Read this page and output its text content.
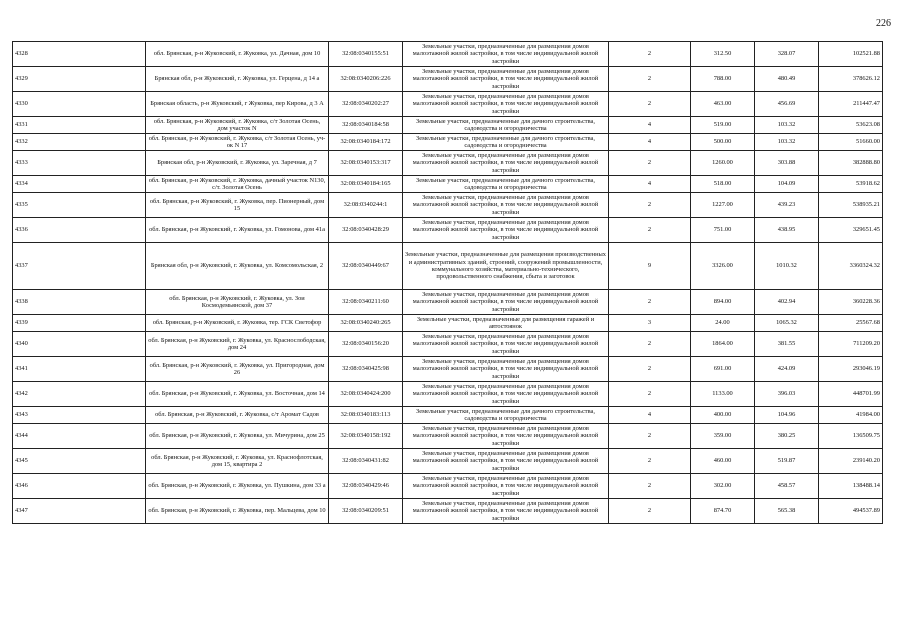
226
4328	обл. Брянская, р-н Жуковский, г. Жуковка, ул. Дачная, дом 10	32:08:0340155:51	Земельные участки, предназначенные для размещения домов малоэтажной жилой застройки, в том числе индивидуальной жилой застройки	2	312.50	328.07	102521.88
4329	Брянская обл, р-н Жуковский, г. Жуковка, ул. Герцена, д 14 а	32:08:0340206:226	Земельные участки, предназначенные для размещения домов малоэтажной жилой застройки, в том числе индивидуальной жилой застройки	2	788.00	480.49	378626.12
4330	Брянская область, р-н Жуковский, г Жуковка, пер Кирова, д 3 А	32:08:0340202:27	Земельные участки, предназначенные для размещения домов малоэтажной жилой застройки, в том числе индивидуальной жилой застройки	2	463.00	456.69	211447.47
4331	обл. Брянская, р-н Жуковский, г. Жуковка, с/т Золотая Осень, дом участок N	32:08:0340184:58	Земельные участки, предназначенные для дачного строительства, садоводства и огородничества	4	519.00	103.32	53623.08
4332	обл. Брянская, р-н Жуковский, г. Жуковка, с/т Золотая Осень, уч-ок N 17	32:08:0340184:172	Земельные участки, предназначенные для дачного строительства, садоводства и огородничества	4	500.00	103.32	51660.00
4333	Брянская обл, р-н Жуковский, г. Жуковка, ул. Заречная, д 7	32:08:0340153:317	Земельные участки, предназначенные для размещения домов малоэтажной жилой застройки, в том числе индивидуальной жилой застройки	2	1260.00	303.88	382888.80
4334	обл. Брянская, р-н Жуковский, г. Жуковка, дачный участок N130, с/т. Золотая Осень	32:08:0340184:165	Земельные участки, предназначенные для дачного строительства, садоводства и огородничества	4	518.00	104.09	53918.62
4335	обл. Брянская, р-н Жуковский, г. Жуковка, пер. Пионерный, дом 15	32:08:0340244:1	Земельные участки, предназначенные для размещения домов малоэтажной жилой застройки, в том числе индивидуальной жилой застройки	2	1227.00	439.23	538935.21
4336	обл. Брянская, р-н Жуковский, г. Жуковка, ул. Гомонова, дом 41а	32:08:0340428:29	Земельные участки, предназначенные для размещения домов малоэтажной жилой застройки, в том числе индивидуальной жилой застройки	2	751.00	438.95	329651.45
4337	Брянская обл, р-н Жуковский, г. Жуковка, ул. Комсомольская, 2	32:08:0340449:67	Земельные участки, предназначенные для размещения производственных и административных зданий, строений, сооружений промышленности, коммунального хозяйства, материально-технического, продовольственного снабжения, сбыта и заготовок	9	3326.00	1010.32	3360324.32
4338	обл. Брянская, р-н Жуковский, г. Жуковка, ул. Зои Космодемьянской, дом 37	32:08:0340211:60	Земельные участки, предназначенные для размещения домов малоэтажной жилой застройки, в том числе индивидуальной жилой застройки	2	894.00	402.94	360228.36
4339	обл. Брянская, р-н Жуковский, г. Жуковка, тер. ГСК Светофор	32:08:0340240:265	Земельные участки, предназначенные для размещения гаражей и автостоянок	3	24.00	1065.32	25567.68
4340	обл. Брянская, р-н Жуковский, г. Жуковка, ул. Краснослободская, дом 24	32:08:0340156:20	Земельные участки, предназначенные для размещения домов малоэтажной жилой застройки, в том числе индивидуальной жилой застройки	2	1864.00	381.55	711209.20
4341	обл. Брянская, р-н Жуковский, г. Жуковка, ул. Пригородная, дом 26	32:08:0340425:98	Земельные участки, предназначенные для размещения домов малоэтажной жилой застройки, в том числе индивидуальной жилой застройки	2	691.00	424.09	293046.19
4342	обл. Брянская, р-н Жуковский, г. Жуковка, ул. Восточная, дом 14	32:08:0340424:200	Земельные участки, предназначенные для размещения домов малоэтажной жилой застройки, в том числе индивидуальной жилой застройки	2	1133.00	396.03	448701.99
4343	обл. Брянская, р-н Жуковский, г. Жуковка, с/т Аромат Садов	32:08:0340183:113	Земельные участки, предназначенные для дачного строительства, садоводства и огородничества	4	400.00	104.96	41984.00
4344	обл. Брянская, р-н Жуковский, г. Жуковка, ул. Мичурина, дом 25	32:08:0340158:192	Земельные участки, предназначенные для размещения домов малоэтажной жилой застройки, в том числе индивидуальной жилой застройки	2	359.00	380.25	136509.75
4345	обл. Брянская, р-н Жуковский, г. Жуковка, ул. Краснофлотская, дом 15, квартира 2	32:08:0340431:82	Земельные участки, предназначенные для размещения домов малоэтажной жилой застройки, в том числе индивидуальной жилой застройки	2	460.00	519.87	239140.20
4346	обл. Брянская, р-н Жуковский, г. Жуковка, ул. Пушкина, дом 33 а	32:08:0340429:46	Земельные участки, предназначенные для размещения домов малоэтажной жилой застройки, в том числе индивидуальной жилой застройки	2	302.00	458.57	138488.14
4347	обл. Брянская, р-н Жуковский, г. Жуковка, пер. Мальцева, дом 10	32:08:0340209:51	Земельные участки, предназначенные для размещения домов малоэтажной жилой застройки, в том числе индивидуальной жилой застройки	2	874.70	565.38	494537.89
